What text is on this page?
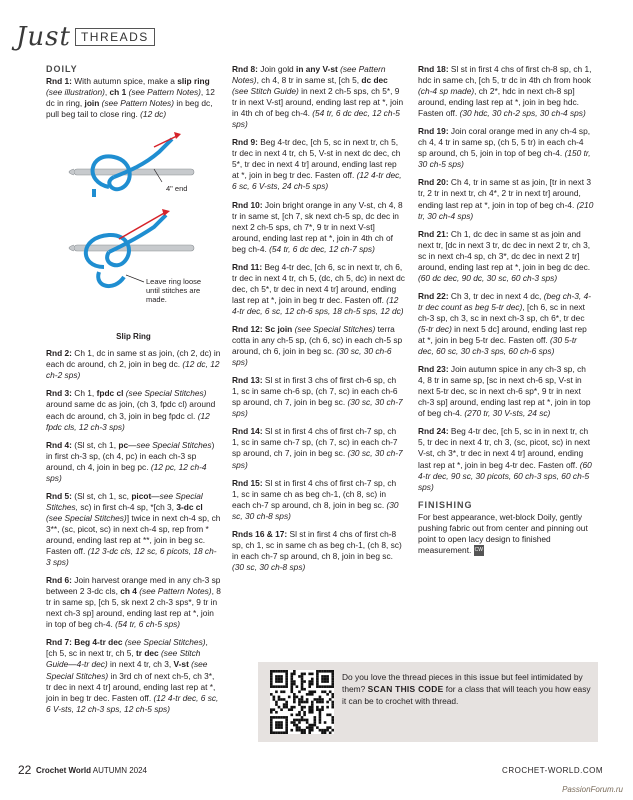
Just THREADS
DOILY

Rnd 1: With autumn spice, make a slip ring (see illustration), ch 1 (see Pattern Notes), 12 dc in ring, join (see Pattern Notes) in beg dc, pull beg tail to close ring. (12 dc)

4" end
Leave ring loose until stitches are made.
Slip Ring

Rnd 2: Ch 1, dc in same st as join, (ch 2, dc) in each dc around, ch 2, join in beg dc. (12 dc, 12 ch-2 sps)

Rnd 3: Ch 1, fpdc cl (see Special Stitches) around same dc as join, (ch 3, fpdc cl) around each dc around, ch 3, join in beg fpdc cl. (12 fpdc cls, 12 ch-3 sps)

Rnd 4: (Sl st, ch 1, pc—see Special Stitches) in first ch-3 sp, (ch 4, pc) in each ch-3 sp around, ch 4, join in beg pc. (12 pc, 12 ch-4 sps)

Rnd 5: (Sl st, ch 1, sc, picot—see Special Stitches, sc) in first ch-4 sp, *[ch 3, 3-dc cl (see Special Stitches)] twice in next ch-4 sp, ch 3**, (sc, picot, sc) in next ch-4 sp, rep from * around, ending last rep at **, join in beg sc. Fasten off. (12 3-dc cls, 12 sc, 6 picots, 18 ch-3 sps)

Rnd 6: Join harvest orange med in any ch-3 sp between 2 3-dc cls, ch 4 (see Pattern Notes), 8 tr in same sp, [ch 5, sk next 2 ch-3 sps*, 9 tr in next ch-3 sp] around, ending last rep at *, join in top of beg ch-4. (54 tr, 6 ch-5 sps)

Rnd 7: Beg 4-tr dec (see Special Stitches), [ch 5, sc in next tr, ch 5, tr dec (see Stitch Guide—4-tr dec) in next 4 tr, ch 3, V-st (see Special Stitches) in 3rd ch of next ch-5, ch 3*, tr dec in next 4 tr] around, ending last rep at *, join in beg tr dec. Fasten off. (12 4-tr dec, 6 sc, 6 V-sts, 12 ch-3 sps, 12 ch-5 sps)

Rnd 8: Join gold in any V-st (see Pattern Notes), ch 4, 8 tr in same st, [ch 5, dc dec (see Stitch Guide) in next 2 ch-5 sps, ch 5*, 9 tr in next V-st] around, ending last rep at *, join in 4th ch of beg ch-4. (54 tr, 6 dc dec, 12 ch-5 sps)

Rnd 9: Beg 4-tr dec, [ch 5, sc in next tr, ch 5, tr dec in next 4 tr, ch 5, V-st in next dc dec, ch 5*, tr dec in next 4 tr] around, ending last rep at *, join in beg tr dec. Fasten off. (12 4-tr dec, 6 sc, 6 V-sts, 24 ch-5 sps)

Rnd 10: Join bright orange in any V-st, ch 4, 8 tr in same st, [ch 7, sk next ch-5 sp, dc dec in next 2 ch-5 sps, ch 7*, 9 tr in next V-st] around, ending last rep at *, join in 4th ch of beg ch-4. (54 tr, 6 dc dec, 12 ch-7 sps)

Rnd 11: Beg 4-tr dec, [ch 6, sc in next tr, ch 6, tr dec in next 4 tr, ch 5, (dc, ch 5, dc) in next dc dec, ch 5*, tr dec in next 4 tr] around, ending last rep at *, join in beg tr dec. Fasten off. (12 4-tr dec, 6 sc, 12 ch-6 sps, 18 ch-5 sps, 12 dc)

Rnd 12: Sc join (see Special Stitches) terra cotta in any ch-5 sp, (ch 6, sc) in each ch-5 sp around, ch 6, join in beg sc. (30 sc, 30 ch-6 sps)

Rnd 13: Sl st in first 3 chs of first ch-6 sp, ch 1, sc in same ch-6 sp, (ch 7, sc) in each ch-6 sp around, ch 7, join in beg sc. (30 sc, 30 ch-7 sps)

Rnd 14: Sl st in first 4 chs of first ch-7 sp, ch 1, sc in same ch-7 sp, (ch 7, sc) in each ch-7 sp around, ch 7, join in beg sc. (30 sc, 30 ch-7 sps)

Rnd 15: Sl st in first 4 chs of first ch-7 sp, ch 1, sc in same ch as beg ch-1, (ch 8, sc) in each ch-7 sp around, ch 8, join in beg sc. (30 sc, 30 ch-8 sps)

Rnds 16 & 17: Sl st in first 4 chs of first ch-8 sp, ch 1, sc in same ch as beg ch-1, (ch 8, sc) in each ch-7 sp around, ch 8, join in beg sc. (30 sc, 30 ch-8 sps)

Rnd 18: Sl st in first 4 chs of first ch-8 sp, ch 1, hdc in same ch, [ch 5, tr dc in 4th ch from hook (ch-4 sp made), ch 2*, hdc in next ch-8 sp] around, ending last rep at *, join in beg hdc. Fasten off. (30 hdc, 30 ch-2 sps, 30 ch-4 sps)

Rnd 19: Join coral orange med in any ch-4 sp, ch 4, 4 tr in same sp, (ch 5, 5 tr) in each ch-4 sp around, ch 5, join in top of beg ch-4. (150 tr, 30 ch-5 sps)

Rnd 20: Ch 4, tr in same st as join, [tr in next 3 tr, 2 tr in next tr, ch 4*, 2 tr in next tr] around, ending last rep at *, join in top of beg ch-4. (210 tr, 30 ch-4 sps)

Rnd 21: Ch 1, dc dec in same st as join and next tr, [dc in next 3 tr, dc dec in next 2 tr, ch 3, sc in next ch-4 sp, ch 3*, dc dec in next 2 tr] around, ending last rep at *, join in beg dc dec. (60 dc dec, 90 dc, 30 sc, 60 ch-3 sps)

Rnd 22: Ch 3, tr dec in next 4 dc, (beg ch-3, 4-tr dec count as beg 5-tr dec), [ch 6, sc in next ch-3 sp, ch 3, sc in next ch-3 sp, ch 6*, tr dec (5-tr dec) in next 5 dc] around, ending last rep at *, join in beg 5-tr dec. Fasten off. (30 5-tr dec, 60 sc, 30 ch-3 sps, 60 ch-6 sps)

Rnd 23: Join autumn spice in any ch-3 sp, ch 4, 8 tr in same sp, [sc in next ch-6 sp, V-st in next 5-tr dec, sc in next ch-6 sp*, 9 tr in next ch-3 sp] around, ending last rep at *, join in top of beg ch-4. (270 tr, 30 V-sts, 24 sc)

Rnd 24: Beg 4-tr dec, [ch 5, sc in in next tr, ch 5, tr dec in next 4 tr, ch 3, (sc, picot, sc) in next V-st, ch 3*, tr dec in next 4 tr] around, ending last rep at *, join in beg 4-tr dec. Fasten off. (60 4-tr dec, 90 sc, 30 picots, 60 ch-3 sps, 60 ch-5 sps)

FINISHING

For best appearance, wet-block Doily, gently pushing fabric out from center and pinning out point to open lacy design to finished measurement. CW

Do you love the thread pieces in this issue but feel intimidated by them? SCAN THIS CODE for a class that will teach you how easy it can be to crochet with thread.
22 Crochet World AUTUMN 2024	CROCHET-WORLD.COM
PassionForum.ru
